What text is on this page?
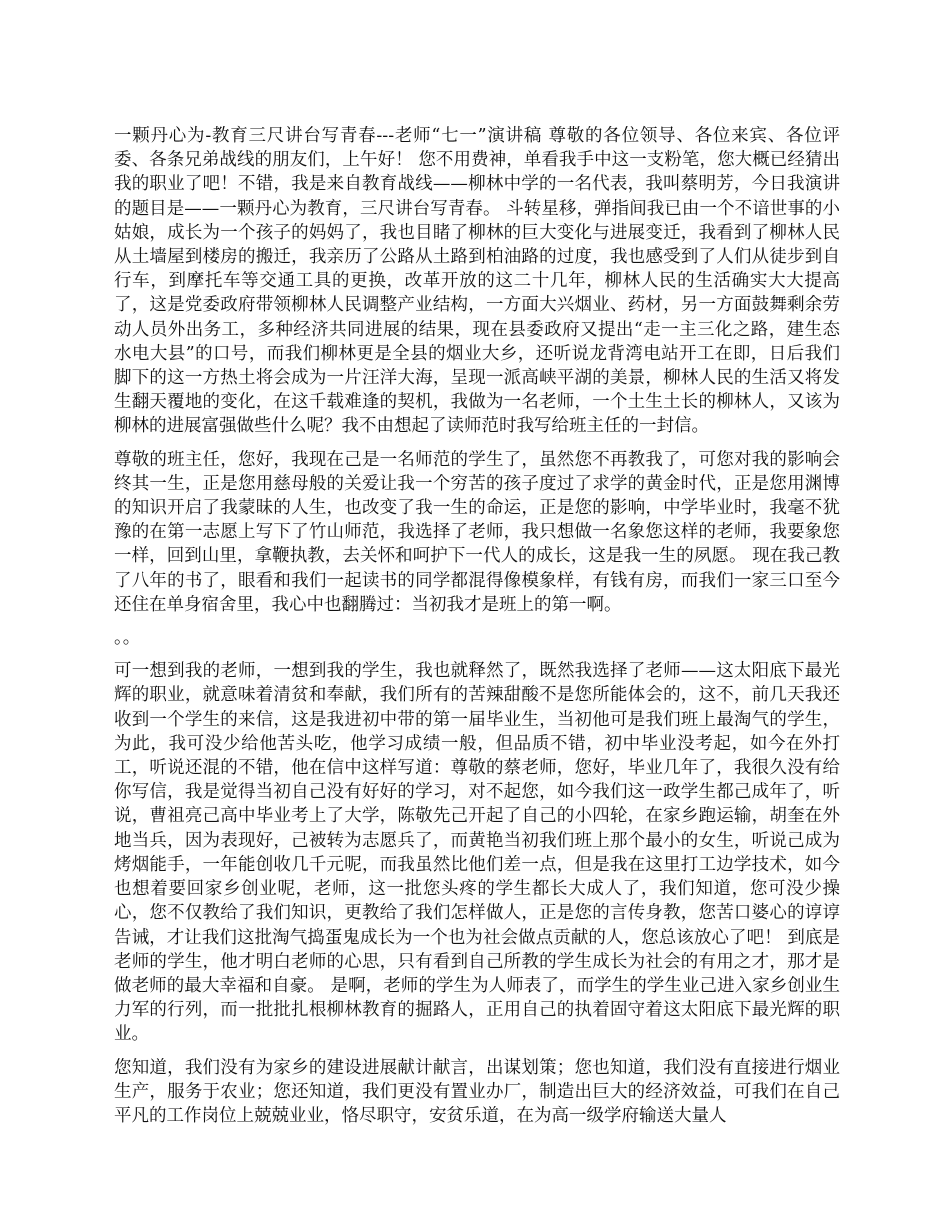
一颗丹心为-教育三尺讲台写青春---老师“七一”演讲稿 尊敬的各位领导、各位来宾、各位评委、各条兄弟战线的朋友们，上午好！ 您不用费神，单看我手中这一支粉笔，您大概已经猜出我的职业了吧！不错，我是来自教育战线——柳林中学的一名代表，我叫蔡明芳，今日我演讲的题目是——一颗丹心为教育，三尺讲台写青春。 斗转星移，弹指间我已由一个不谙世事的小姑娘，成长为一个孩子的妈妈了，我也目睹了柳林的巨大变化与进展变迁，我看到了柳林人民从土墙屋到楼房的搬迁，我亲历了公路从土路到柏油路的过度，我也感受到了人们从徒步到自行车，到摩托车等交通工具的更换，改革开放的这二十几年，柳林人民的生活确实大大提高了，这是党委政府带领柳林人民调整产业结构，一方面大兴烟业、药材，另一方面鼓舞剩余劳动人员外出务工，多种经济共同进展的结果，现在县委政府又提出“走一主三化之路，建生态水电大县”的口号，而我们柳林更是全县的烟业大乡，还听说龙背湾电站开工在即，日后我们脚下的这一方热土将会成为一片汪洋大海，呈现一派高峡平湖的美景，柳林人民的生活又将发生翻天覆地的变化，在这千载难逢的契机，我做为一名老师，一个土生土长的柳林人，又该为柳林的进展富强做些什么呢？我不由想起了读师范时我写给班主任的一封信。

尊敬的班主任，您好，我现在己是一名师范的学生了，虽然您不再教我了，可您对我的影响会终其一生，正是您用慈母般的关爱让我一个穷苦的孩子度过了求学的黄金时代，正是您用渊博的知识开启了我蒙昧的人生，也改变了我一生的命运，正是您的影响，中学毕业时，我毫不犹豫的在第一志愿上写下了竹山师范，我选择了老师，我只想做一名象您这样的老师，我要象您一样，回到山里，拿鞭执教，去关怀和呵护下一代人的成长，这是我一生的夙愿。 现在我己教了八年的书了，眼看和我们一起读书的同学都混得像模象样，有钱有房，而我们一家三口至今还住在单身宿舍里，我心中也翻腾过：当初我才是班上的第一啊。

。。

可一想到我的老师，一想到我的学生，我也就释然了，既然我选择了老师——这太阳底下最光辉的职业，就意味着清贫和奉献，我们所有的苦辣甜酸不是您所能体会的，这不，前几天我还收到一个学生的来信，这是我进初中带的第一届毕业生，当初他可是我们班上最淘气的学生，为此，我可没少给他苦头吃，他学习成绩一般，但品质不错，初中毕业没考起，如今在外打工，听说还混的不错，他在信中这样写道：尊敬的蔡老师，您好，毕业几年了，我很久没有给你写信，我是觉得当初自己没有好好的学习，对不起您，如今我们这一政学生都己成年了，听说，曹祖亮己高中毕业考上了大学，陈敬先己开起了自己的小四轮，在家乡跑运输，胡奎在外地当兵，因为表现好，己被转为志愿兵了，而黄艳当初我们班上那个最小的女生，听说己成为烤烟能手，一年能创收几千元呢，而我虽然比他们差一点，但是我在这里打工边学技术，如今也想着要回家乡创业呢，老师，这一批您头疼的学生都长大成人了，我们知道，您可没少操心，您不仅教给了我们知识，更教给了我们怎样做人，正是您的言传身教，您苦口婆心的谆谆告诫，才让我们这批淘气捣蛋鬼成长为一个也为社会做点贡献的人，您总该放心了吧！ 到底是老师的学生，他才明白老师的心思，只有看到自己所教的学生成长为社会的有用之才，那才是做老师的最大幸福和自豪。 是啊，老师的学生为人师表了，而学生的学生业己进入家乡创业生力军的行列，而一批批扎根柳林教育的掘路人，正用自己的执着固守着这太阳底下最光辉的职业。

您知道，我们没有为家乡的建设进展献计献言，出谋划策；您也知道，我们没有直接进行烟业生产，服务于农业；您还知道，我们更没有置业办厂，制造出巨大的经济效益，可我们在自己平凡的工作岗位上兢兢业业，恪尽职守，安贫乐道，在为高一级学府输送大量人
